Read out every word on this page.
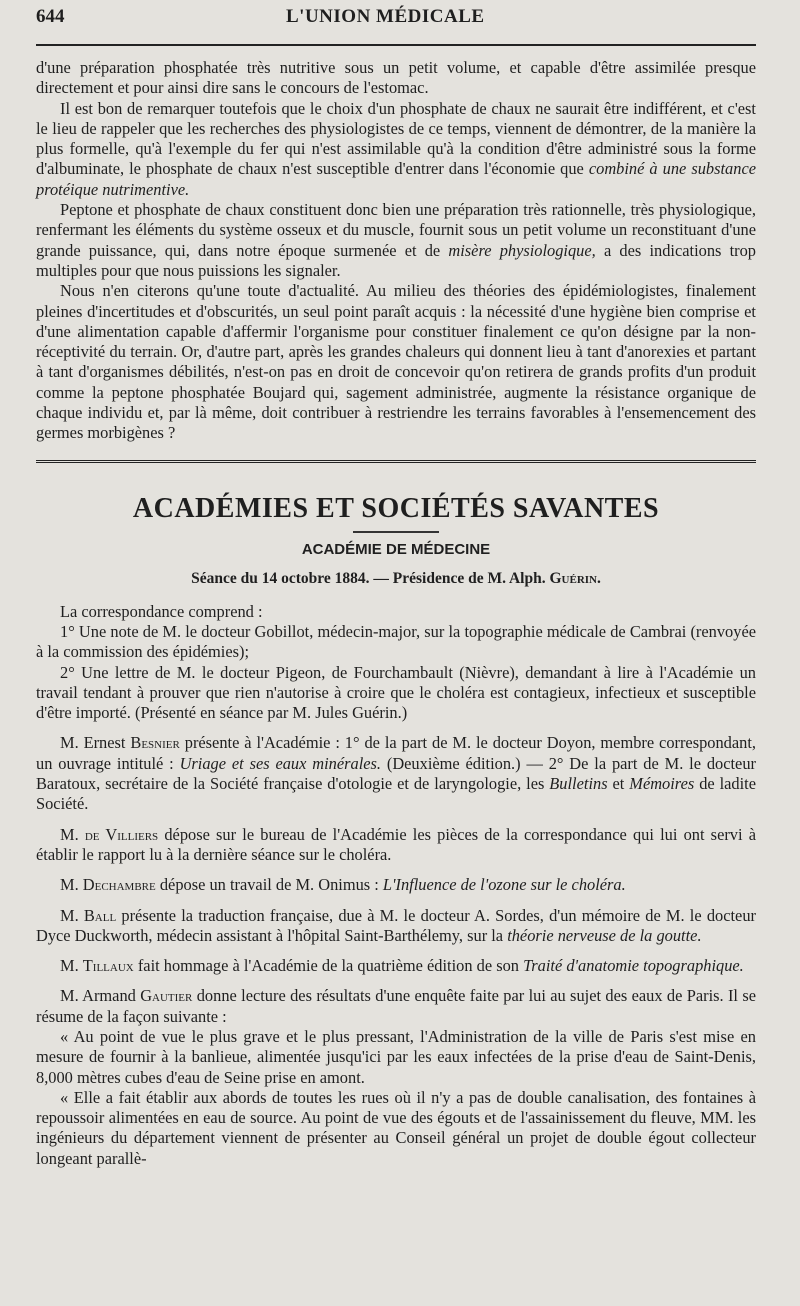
644	L'UNION MÉDICALE

d'une préparation phosphatée très nutritive sous un petit volume, et capable d'être assimilée presque directement et pour ainsi dire sans le concours de l'estomac.

Il est bon de remarquer toutefois que le choix d'un phosphate de chaux ne saurait être indifférent, et c'est le lieu de rappeler que les recherches des physiologistes de ce temps, viennent de démontrer, de la manière la plus formelle, qu'à l'exemple du fer qui n'est assimilable qu'à la condition d'être administré sous la forme d'albuminate, le phosphate de chaux n'est susceptible d'entrer dans l'économie que combiné à une substance protéique nutrimentive.

Peptone et phosphate de chaux constituent donc bien une préparation très rationnelle, très physiologique, renfermant les éléments du système osseux et du muscle, fournit sous un petit volume un reconstituant d'une grande puissance, qui, dans notre époque surmenée et de misère physiologique, a des indications trop multiples pour que nous puissions les signaler.

Nous n'en citerons qu'une toute d'actualité. Au milieu des théories des épidémiologistes, finalement pleines d'incertitudes et d'obscurités, un seul point paraît acquis : la nécessité d'une hygiène bien comprise et d'une alimentation capable d'affermir l'organisme pour constituer finalement ce qu'on désigne par la non-réceptivité du terrain. Or, d'autre part, après les grandes chaleurs qui donnent lieu à tant d'anorexies et partant à tant d'organismes débilités, n'est-on pas en droit de concevoir qu'on retirera de grands profits d'un produit comme la peptone phosphatée Boujard qui, sagement administrée, augmente la résistance organique de chaque individu et, par là même, doit contribuer à restriendre les terrains favorables à l'ensemencement des germes morbigènes ?

ACADÉMIES ET SOCIÉTÉS SAVANTES
ACADÉMIE DE MÉDECINE
Séance du 14 octobre 1884. — Présidence de M. Alph. Guérin.

La correspondance comprend :

1° Une note de M. le docteur Gobillot, médecin-major, sur la topographie médicale de Cambrai (renvoyée à la commission des épidémies);

2° Une lettre de M. le docteur Pigeon, de Fourchambault (Nièvre), demandant à lire à l'Académie un travail tendant à prouver que rien n'autorise à croire que le choléra est contagieux, infectieux et susceptible d'être importé. (Présenté en séance par M. Jules Guérin.)

M. Ernest Besnier présente à l'Académie : 1° de la part de M. le docteur Doyon, membre correspondant, un ouvrage intitulé : Uriage et ses eaux minérales. (Deuxième édition.) — 2° De la part de M. le docteur Baratoux, secrétaire de la Société française d'otologie et de laryngologie, les Bulletins et Mémoires de ladite Société.

M. de Villiers dépose sur le bureau de l'Académie les pièces de la correspondance qui lui ont servi à établir le rapport lu à la dernière séance sur le choléra.

M. Dechambre dépose un travail de M. Onimus : L'Influence de l'ozone sur le choléra.

M. Ball présente la traduction française, due à M. le docteur A. Sordes, d'un mémoire de M. le docteur Dyce Duckworth, médecin assistant à l'hôpital Saint-Barthélemy, sur la théorie nerveuse de la goutte.

M. Tillaux fait hommage à l'Académie de la quatrième édition de son Traité d'anatomie topographique.

M. Armand Gautier donne lecture des résultats d'une enquête faite par lui au sujet des eaux de Paris. Il se résume de la façon suivante :

« Au point de vue le plus grave et le plus pressant, l'Administration de la ville de Paris s'est mise en mesure de fournir à la banlieue, alimentée jusqu'ici par les eaux infectées de la prise d'eau de Saint-Denis, 8,000 mètres cubes d'eau de Seine prise en amont.

« Elle a fait établir aux abords de toutes les rues où il n'y a pas de double canalisation, des fontaines à repoussoir alimentées en eau de source. Au point de vue des égouts et de l'assainissement du fleuve, MM. les ingénieurs du département viennent de présenter au Conseil général un projet de double égout collecteur longeant parallè-
